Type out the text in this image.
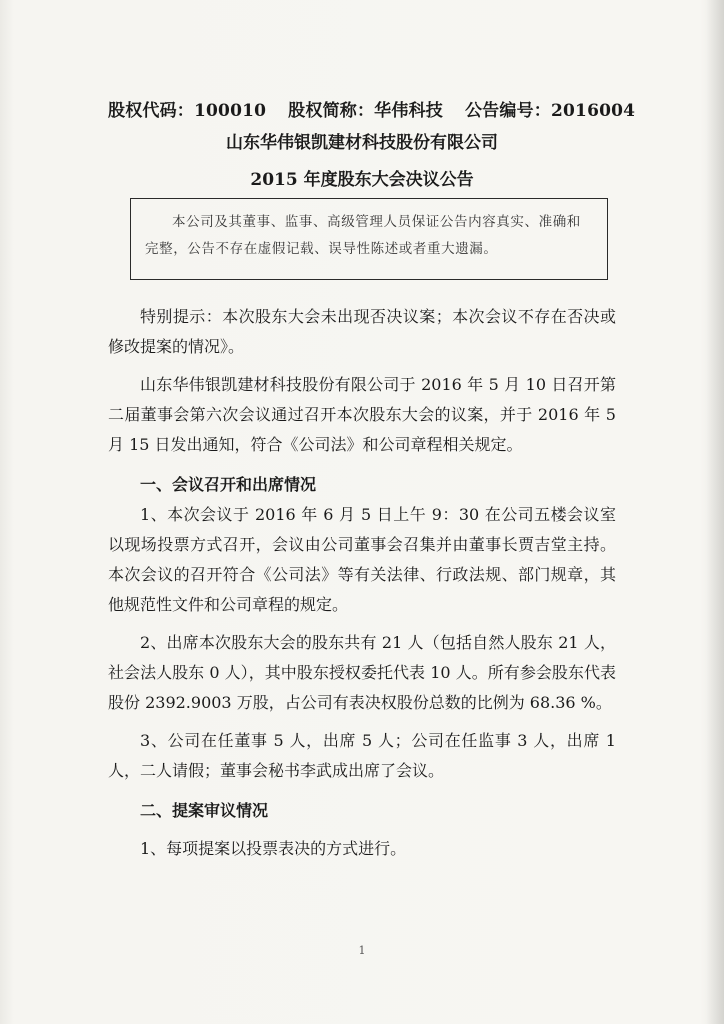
股权代码：100010 股权简称：华伟科技 公告编号：2016004
山东华伟银凯建材科技股份有限公司
2015 年度股东大会决议公告

本公司及其董事、监事、高级管理人员保证公告内容真实、准确和完整，公告不存在虚假记载、误导性陈述或者重大遗漏。

特别提示：本次股东大会未出现否决议案；本次会议不存在否决或修改提案的情况》。

山东华伟银凯建材科技股份有限公司于 2016 年 5 月 10 日召开第二届董事会第六次会议通过召开本次股东大会的议案，并于 2016 年 5 月 15 日发出通知，符合《公司法》和公司章程相关规定。

一、会议召开和出席情况

1、本次会议于 2016 年 6 月 5 日上午 9：30 在公司五楼会议室以现场投票方式召开，会议由公司董事会召集并由董事长贾吉堂主持。本次会议的召开符合《公司法》等有关法律、行政法规、部门规章，其他规范性文件和公司章程的规定。

2、出席本次股东大会的股东共有 21 人（包括自然人股东 21 人，社会法人股东 0 人），其中股东授权委托代表 10 人。所有参会股东代表股份 2392.9003 万股，占公司有表决权股份总数的比例为 68.36 %。

3、公司在任董事 5 人，出席 5 人；公司在任监事 3 人，出席 1 人，二人请假；董事会秘书李武成出席了会议。

二、提案审议情况

1、每项提案以投票表决的方式进行。

1
